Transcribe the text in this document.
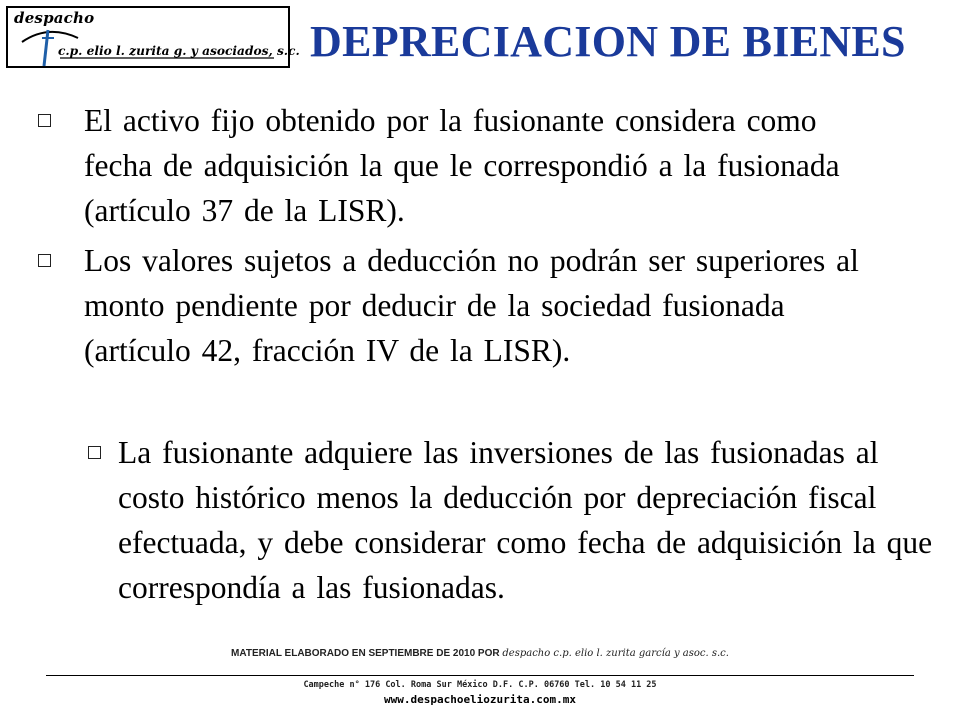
despacho
c.p. elio l. zurita g. y asociados, s.c. DEPRECIACION DE BIENES
El activo fijo obtenido por la fusionante considera como fecha de adquisición la que le correspondió a la fusionada (artículo 37 de la LISR).
Los valores sujetos a deducción no podrán ser superiores al monto pendiente por deducir de la sociedad fusionada (artículo 42, fracción IV de la LISR).
La fusionante adquiere las inversiones de las fusionadas al costo histórico menos la deducción por depreciación fiscal efectuada, y debe considerar como fecha de adquisición la que correspondía a las fusionadas.
MATERIAL ELABORADO EN SEPTIEMBRE DE 2010 POR despacho c.p. elio l. zurita garcía y asoc. s.c.
Campeche n° 176 Col. Roma Sur México D.F. C.P. 06760 Tel. 10 54 11 25
www.despachoeliozurita.com.mx
